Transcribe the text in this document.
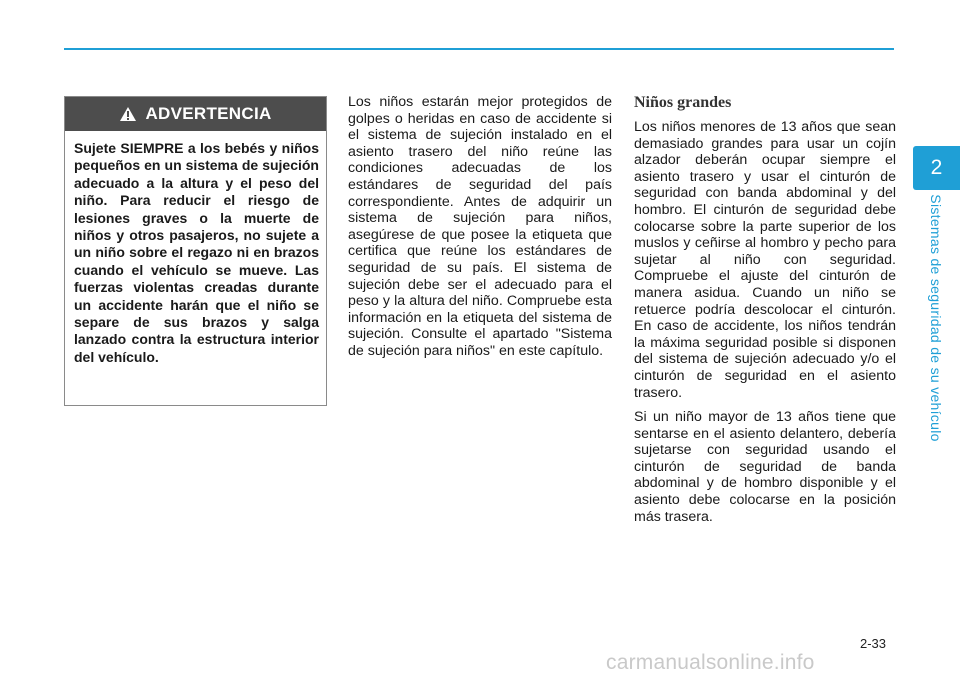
2
Sistemas de seguridad de su vehículo
ADVERTENCIA
Sujete SIEMPRE a los bebés y niños pequeños en un sistema de sujeción adecuado a la altura y el peso del niño. Para reducir el riesgo de lesiones graves o la muerte de niños y otros pasajeros, no sujete a un niño sobre el regazo ni en brazos cuando el vehículo se mueve. Las fuerzas violentas creadas durante un accidente harán que el niño se separe de sus brazos y salga lanzado contra la estructura interior del vehículo.

Los niños estarán mejor protegidos de golpes o heridas en caso de accidente si el sistema de sujeción instalado en el asiento trasero del niño reúne las condiciones adecuadas de los estándares de seguridad del país correspondiente. Antes de adquirir un sistema de sujeción para niños, asegúrese de que posee la etiqueta que certifica que reúne los estándares de seguridad de su país. El sistema de sujeción debe ser el adecuado para el peso y la altura del niño. Compruebe esta información en la etiqueta del sistema de sujeción. Consulte el apartado "Sistema de sujeción para niños" en este capítulo.

Niños grandes

Los niños menores de 13 años que sean demasiado grandes para usar un cojín alzador deberán ocupar siempre el asiento trasero y usar el cinturón de seguridad con banda abdominal y del hombro. El cinturón de seguridad debe colocarse sobre la parte superior de los muslos y ceñirse al hombro y pecho para sujetar al niño con seguridad. Compruebe el ajuste del cinturón de manera asidua. Cuando un niño se retuerce podría descolocar el cinturón. En caso de accidente, los niños tendrán la máxima seguridad posible si disponen del sistema de sujeción adecuado y/o el cinturón de seguridad en el asiento trasero.

Si un niño mayor de 13 años tiene que sentarse en el asiento delantero, debería sujetarse con seguridad usando el cinturón de seguridad de banda abdominal y de hombro disponible y el asiento debe colocarse en la posición más trasera.

2-33
carmanualsonline.info
